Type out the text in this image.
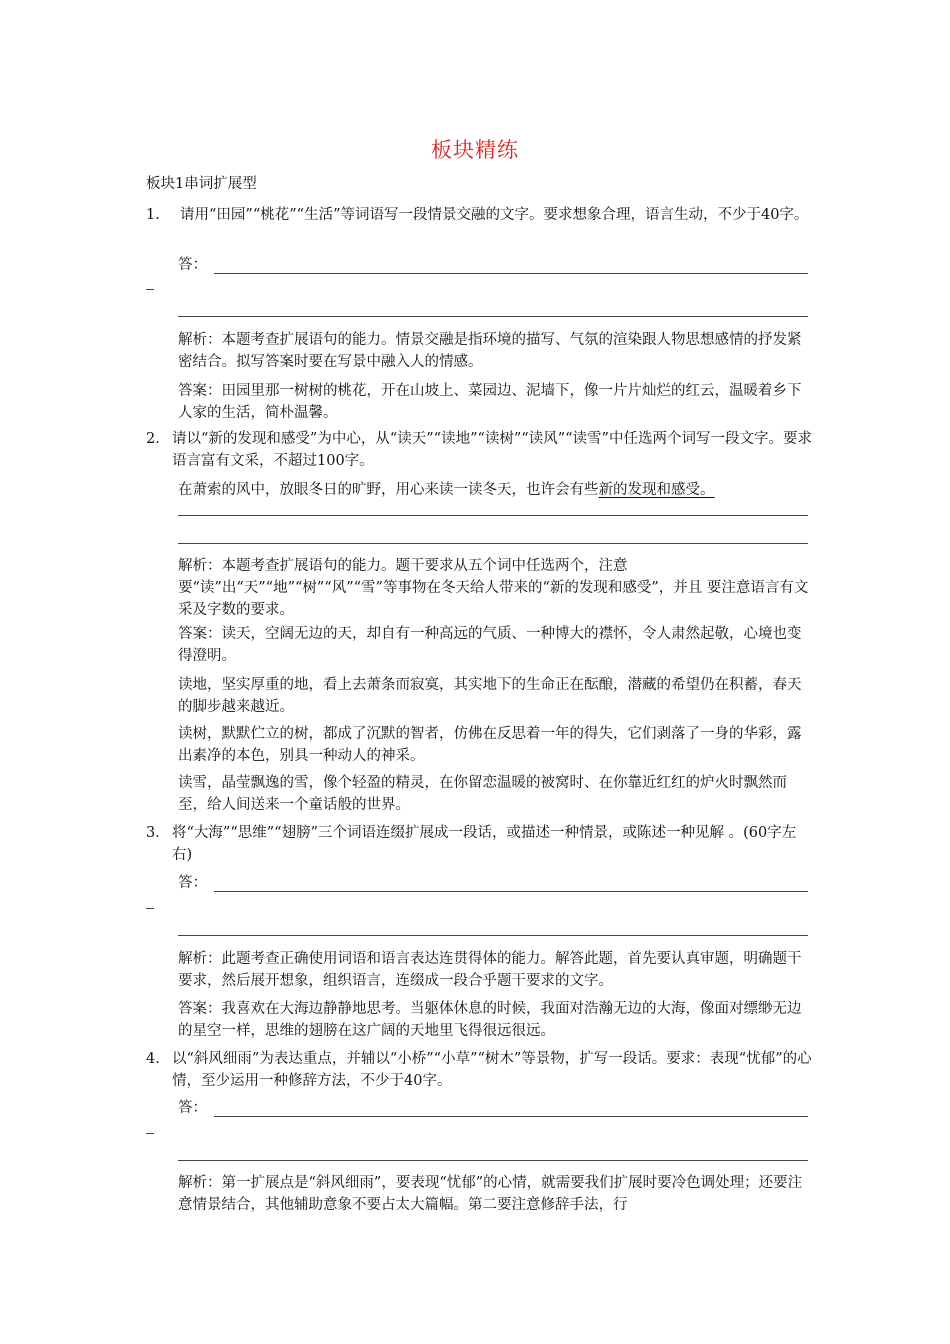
板块精练
板块1串词扩展型
1. 请用“田园”“桃花”“生活”等词语写一段情景交融的文字。要求想象合理，语言生动，不少于40字。
答：
解析：本题考查扩展语句的能力。情景交融是指环境的描写、气氛的渲染跟人物思想感情的抒发紧密结合。拟写答案时要在写景中融入人的情感。
答案：田园里那一树树的桃花，开在山坡上、菜园边、泥墙下，像一片片灿烂的红云，温暖着乡下人家的生活，简朴温馨。
2． 请以“新的发现和感受”为中心，从“读天”“读地”“读树”“读风”“读雪”中任选两个词写一段文字。要求语言富有文采，不超过100字。
在萧索的风中，放眼冬日的旷野，用心来读一读冬天，也许会有些新的发现和感受。
解析：本题考查扩展语句的能力。题干要求从五个词中任选两个，注意要“读”出“天”“地”“树”“风”“雪”等事物在冬天给人带来的“新的发现和感受”，并且 要注意语言有文采及字数的要求。
答案：读天，空阔无边的天，却自有一种高远的气质、一种博大的襟怀，令人肃然起敬，心境也变得澄明。
读地，坚实厚重的地，看上去萧条而寂寞，其实地下的生命正在酝酿，潜藏的希望仍在积蓄，春天的脚步越来越近。
读树，默默伫立的树，都成了沉默的智者，仿佛在反思着一年的得失，它们剥落了一身的华彩，露出素净的本色，别具一种动人的神采。
读雪，晶莹飘逸的雪，像个轻盈的精灵，在你留恋温暖的被窝时、在你靠近红红的炉火时飘然而至，给人间送来一个童话般的世界。
3． 将“大海”“思维”“翅膀”三个词语连缀扩展成一段话，或描述一种情景，或陈述一种见解 。(60字左右)
答：
解析：此题考查正确使用词语和语言表达连贯得体的能力。解答此题，首先要认真审题，明确题干要求，然后展开想象，组织语言，连缀成一段合乎题干要求的文字。
答案：我喜欢在大海边静静地思考。当躯体休息的时候，我面对浩瀚无边的大海，像面对缥缈无边的星空一样，思维的翅膀在这广阔的天地里飞得很远很远。
4． 以“斜风细雨”为表达重点，并辅以“小桥”“小草”“树木”等景物，扩写一段话。要求：表现“忧郁”的心情，至少运用一种修辞方法，不少于40字。
答：
解析：第一扩展点是“斜风细雨”，要表现“忧郁”的心情，就需要我们扩展时要冷色调处理；还要注意情景结合，其他辅助意象不要占太大篇幅。第二要注意修辞手法，行
